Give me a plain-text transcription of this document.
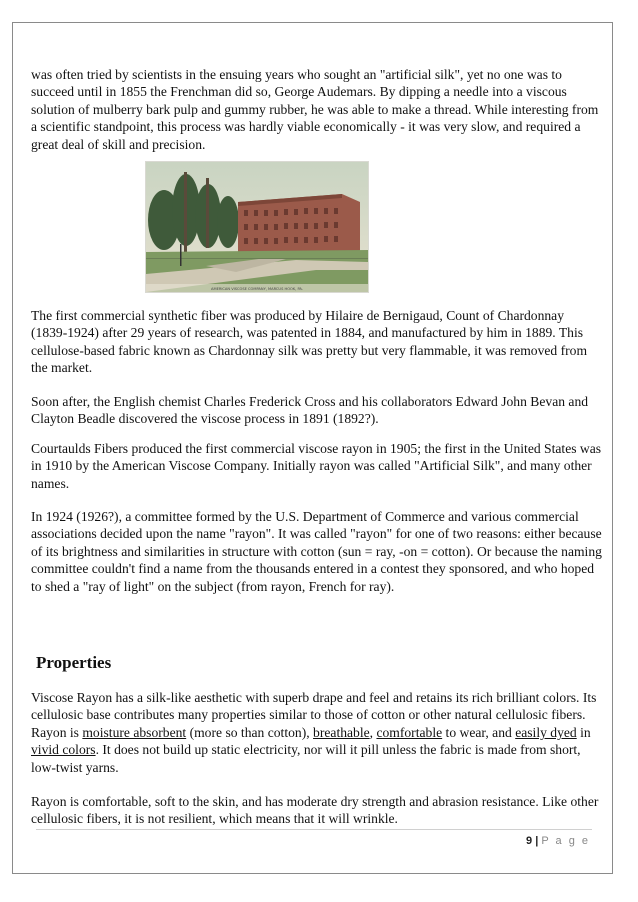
was often tried by scientists in the ensuing years who sought an "artificial silk", yet no one was to succeed until in 1855 the Frenchman did so, George Audemars. By dipping a needle into a viscous solution of mulberry bark pulp and gummy rubber, he was able to make a thread. While interesting from a scientific standpoint, this process was hardly viable economically - it was very slow, and required a great deal of skill and precision.

AMERICAN VISCOSE COMPANY, MARCUS HOOK, PA.

The first commercial synthetic fiber was produced by Hilaire de Bernigaud, Count of Chardonnay (1839-1924) after 29 years of research, was patented in 1884, and manufactured by him in 1889. This cellulose-based fabric known as Chardonnay silk was pretty but very flammable, it was removed from the market.

Soon after, the English chemist Charles Frederick Cross and his collaborators Edward John Bevan and Clayton Beadle discovered the viscose process in 1891 (1892?).

Courtaulds Fibers produced the first commercial viscose rayon in 1905; the first in the United States was in 1910 by the American Viscose Company. Initially rayon was called "Artificial Silk", and many other names.

In 1924 (1926?), a committee formed by the U.S. Department of Commerce and various commercial associations decided upon the name "rayon". It was called "rayon" for one of two reasons: either because of its brightness and similarities in structure with cotton (sun = ray, -on = cotton). Or because the naming committee couldn't find a name from the thousands entered in a contest they sponsored, and who hoped to shed a "ray of light" on the subject (from rayon, French for ray).

Properties

Viscose Rayon has a silk-like aesthetic with superb drape and feel and retains its rich brilliant colors. Its cellulosic base contributes many properties similar to those of cotton or other natural cellulosic fibers. Rayon is moisture absorbent (more so than cotton), breathable, comfortable to wear, and easily dyed in vivid colors. It does not build up static electricity, nor will it pill unless the fabric is made from short, low-twist yarns.

Rayon is comfortable, soft to the skin, and has moderate dry strength and abrasion resistance. Like other cellulosic fibers, it is not resilient, which means that it will wrinkle.

9 | P a g e
